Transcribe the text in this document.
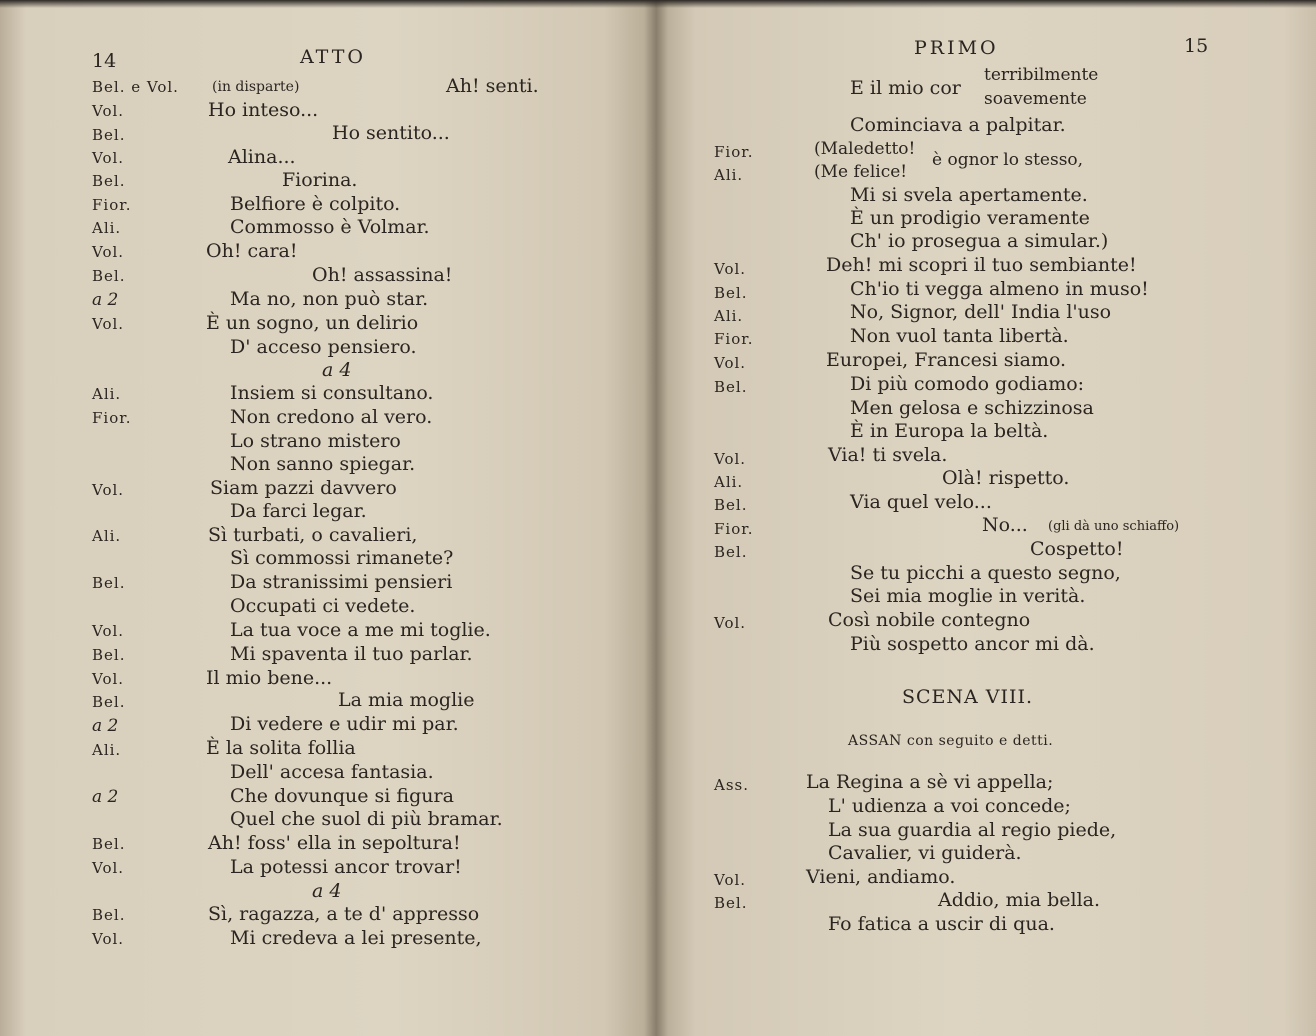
14	ATTO
Bel. e Vol. (in disparte)	Ah! senti.
Vol.	Ho inteso...
Bel.	Ho sentito...
Vol.	Alina...
Bel.	Fiorina.
Fior.	Belfiore è colpito.
Ali.	Commosso è Volmar.
Vol.	Oh! cara!
Bel.	Oh! assassina!
a 2	Ma no, non può star.
Vol.	È un sogno, un delirio
D' acceso pensiero.
a 4
Ali.	Insiem si consultano.
Fior.	Non credono al vero.
Lo strano mistero
Non sanno spiegar.
Vol.	Siam pazzi davvero
Da farci legar.
Ali.	Sì turbati, o cavalieri,
Sì commossi rimanete?
Bel.	Da stranissimi pensieri
Occupati ci vedete.
Vol.	La tua voce a me mi toglie.
Bel.	Mi spaventa il tuo parlar.
Vol.	Il mio bene...
Bel.	La mia moglie
a 2	Di vedere e udir mi par.
Ali.	È la solita follia
Dell' accesa fantasia.
a 2	Che dovunque si figura
Quel che suol di più bramar.
Bel.	Ah! foss' ella in sepoltura!
Vol.	La potessi ancor trovar!
a 4
Bel.	Sì, ragazza, a te d' appresso
Vol.	Mi credeva a lei presente,
PRIMO	15
E il mio cor
terribilmente
soavemente
Cominciava a palpitar.
Fior.	(Maledetto!
Ali.	(Me felice!
è ognor lo stesso,
Mi si svela apertamente.
È un prodigio veramente
Ch' io prosegua a simular.)
Vol.	Deh! mi scopri il tuo sembiante!
Bel.	Ch'io ti vegga almeno in muso!
Ali.	No, Signor, dell' India l'uso
Fior.	Non vuol tanta libertà.
Vol.	Europei, Francesi siamo.
Bel.	Di più comodo godiamo:
Men gelosa e schizzinosa
È in Europa la beltà.
Vol.	Via! ti svela.
Ali.	Olà! rispetto.
Bel.	Via quel velo...
Fior.	No... (gli dà uno schiaffo)
Bel.	Cospetto!
Se tu picchi a questo segno,
Sei mia moglie in verità.
Vol.	Così nobile contegno
Più sospetto ancor mi dà.
SCENA VIII.
ASSAN con seguito e detti.
Ass.	La Regina a sè vi appella;
L' udienza a voi concede;
La sua guardia al regio piede,
Cavalier, vi guiderà.
Vol.	Vieni, andiamo.
Bel.	Addio, mia bella.
Fo fatica a uscir di qua.
